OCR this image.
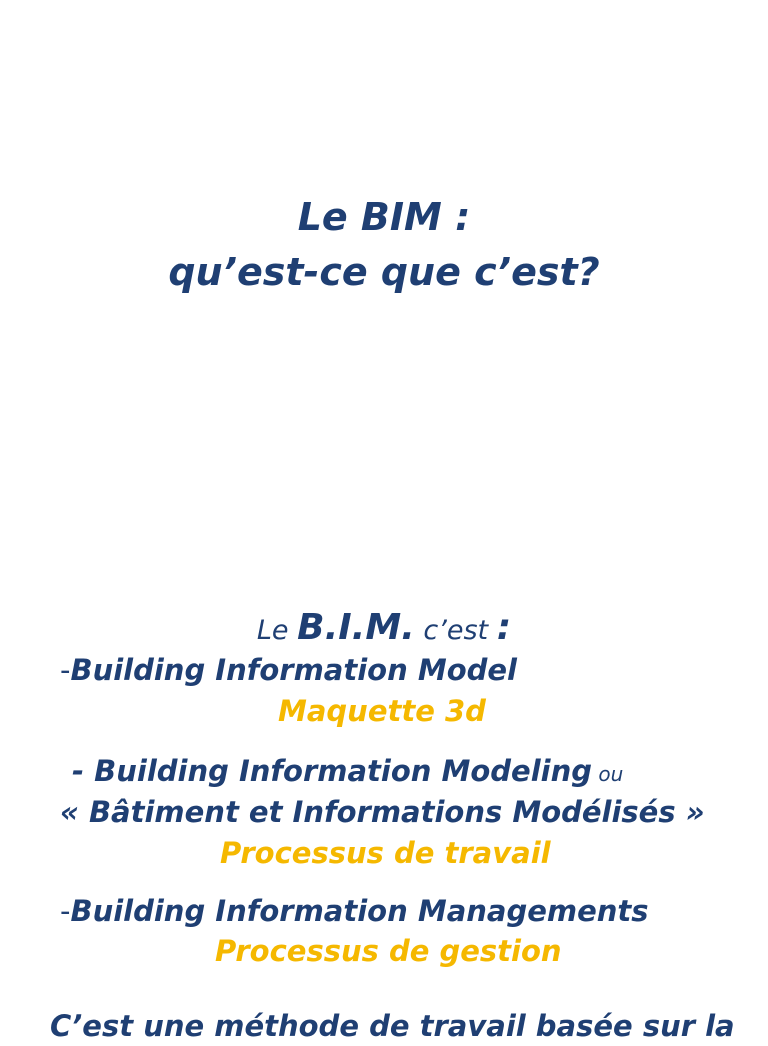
Le BIM :
qu’est-ce que c’est?
Le B.I.M. c’est :
-Building Information Model
Maquette 3d
- Building Information Modeling ou
« Bâtiment et Informations Modélisés »
Processus de travail
-Building Information Managements
Processus de gestion
C’est une méthode de travail basée sur la
